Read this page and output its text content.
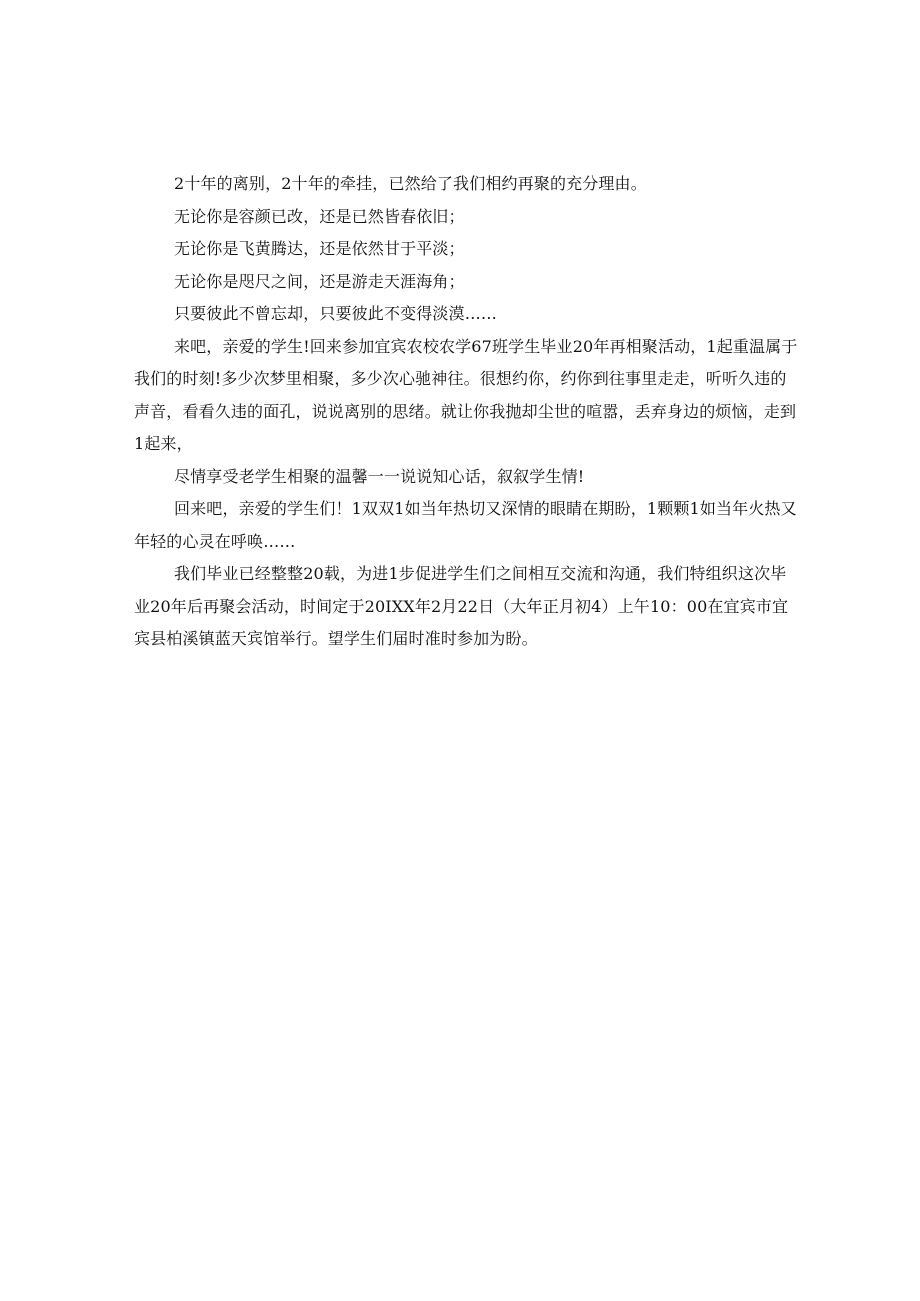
2十年的离别，2十年的牵挂，已然给了我们相约再聚的充分理由。

无论你是容颜已改，还是已然皆春依旧；

无论你是飞黄腾达，还是依然甘于平淡；

无论你是咫尺之间，还是游走天涯海角；

只要彼此不曾忘却，只要彼此不变得淡漠……

来吧，亲爱的学生!回来参加宜宾农校农学67班学生毕业20年再相聚活动，1起重温属于我们的时刻!多少次梦里相聚，多少次心驰神往。很想约你，约你到往事里走走，听听久违的声音，看看久违的面孔，说说离别的思绪。就让你我抛却尘世的喧嚣，丢弃身边的烦恼，走到1起来，

尽情享受老学生相聚的温馨一一说说知心话，叙叙学生情!

回来吧，亲爱的学生们！1双双1如当年热切又深情的眼睛在期盼，1颗颗1如当年火热又年轻的心灵在呼唤……

我们毕业已经整整20载，为进1步促进学生们之间相互交流和沟通，我们特组织这次毕业20年后再聚会活动，时间定于20IXX年2月22日（大年正月初4）上午10：00在宜宾市宜宾县柏溪镇蓝天宾馆举行。望学生们届时准时参加为盼。
